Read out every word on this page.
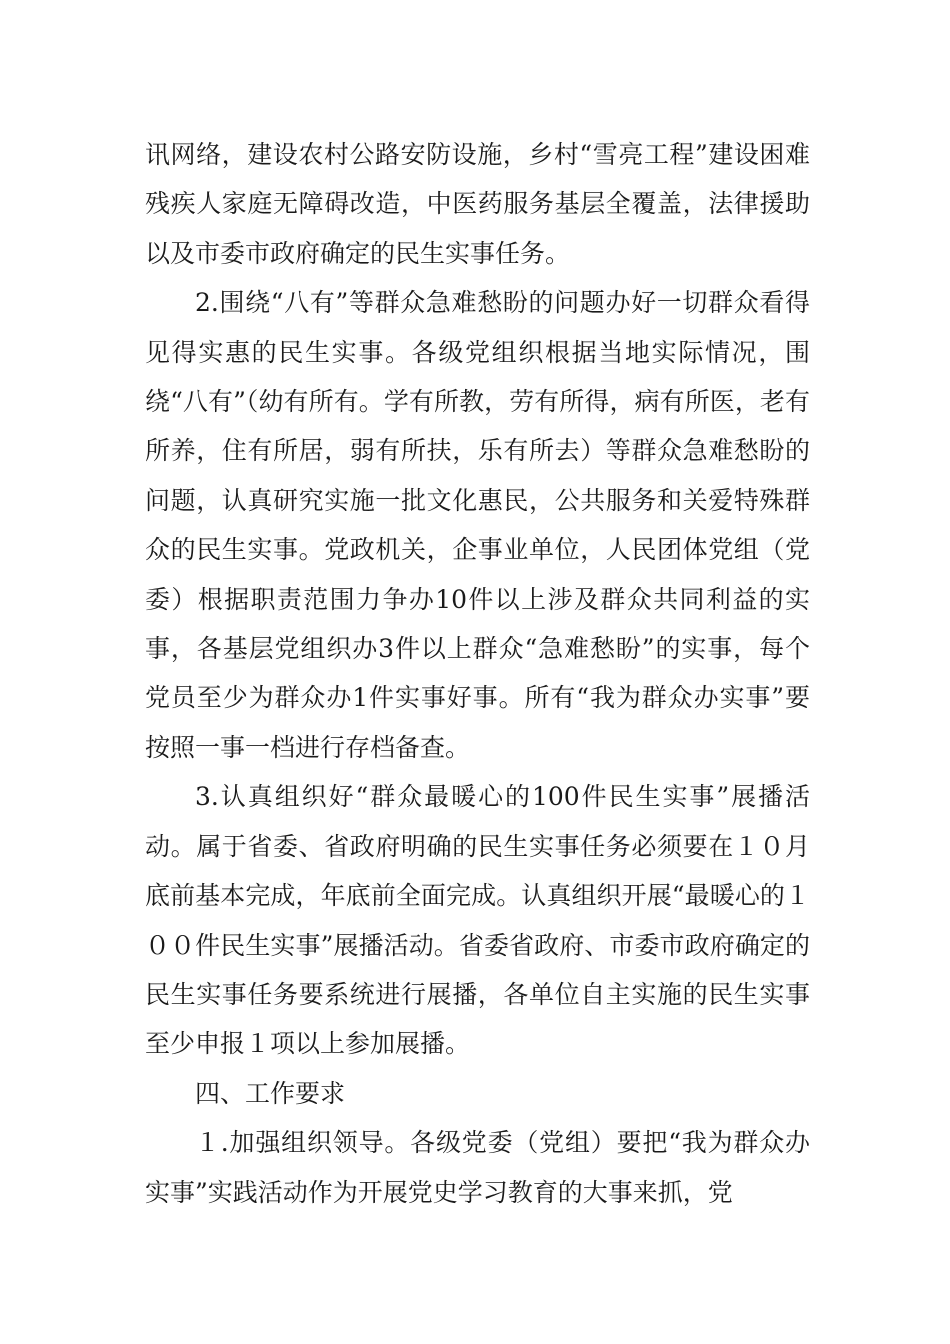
讯网络，建设农村公路安防设施，乡村“雪亮工程”建设困难残疾人家庭无障碍改造，中医药服务基层全覆盖，法律援助以及市委市政府确定的民生实事任务。

2.围绕“八有”等群众急难愁盼的问题办好一切群众看得见得实惠的民生实事。各级党组织根据当地实际情况，围绕“八有”（幼有所有。学有所教，劳有所得，病有所医，老有所养，住有所居，弱有所扶，乐有所去）等群众急难愁盼的问题，认真研究实施一批文化惠民，公共服务和关爱特殊群众的民生实事。党政机关，企事业单位，人民团体党组（党委）根据职责范围力争办10件以上涉及群众共同利益的实事，各基层党组织办3件以上群众“急难愁盼”的实事，每个党员至少为群众办1件实事好事。所有“我为群众办实事”要按照一事一档进行存档备查。

3.认真组织好“群众最暖心的100件民生实事”展播活动。属于省委、省政府明确的民生实事任务必须要在１０月底前基本完成，年底前全面完成。认真组织开展“最暖心的１００件民生实事”展播活动。省委省政府、市委市政府确定的民生实事任务要系统进行展播，各单位自主实施的民生实事至少申报１项以上参加展播。

四、工作要求

１.加强组织领导。各级党委（党组）要把“我为群众办实事”实践活动作为开展党史学习教育的大事来抓，党
